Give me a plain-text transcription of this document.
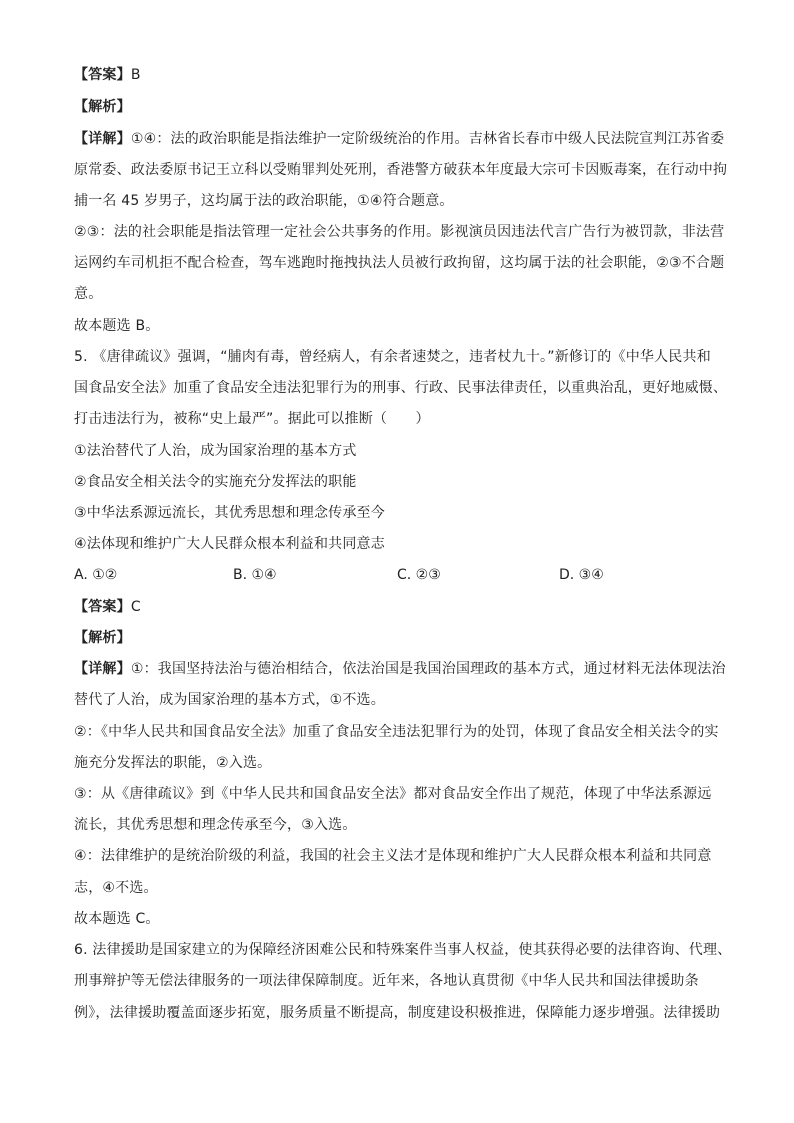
【答案】B
【解析】
【详解】①④：法的政治职能是指法维护一定阶级统治的作用。吉林省长春市中级人民法院宣判江苏省委
原常委、政法委原书记王立科以受贿罪判处死刑，香港警方破获本年度最大宗可卡因贩毒案，在行动中拘
捕一名 45 岁男子，这均属于法的政治职能，①④符合题意。
②③：法的社会职能是指法管理一定社会公共事务的作用。影视演员因违法代言广告行为被罚款，非法营
运网约车司机拒不配合检查，驾车逃跑时拖拽执法人员被行政拘留，这均属于法的社会职能，②③不合题
意。
故本题选 B。
5. 《唐律疏议》强调，“脯肉有毒，曾经病人，有余者速焚之，违者杖九十。”新修订的《中华人民共和
国食品安全法》加重了食品安全违法犯罪行为的刑事、行政、民事法律责任，以重典治乱，更好地威慑、
打击违法行为，被称“史上最严”。据此可以推断（　　）
①法治替代了人治，成为国家治理的基本方式
②食品安全相关法令的实施充分发挥法的职能
③中华法系源远流长，其优秀思想和理念传承至今
④法体现和维护广大人民群众根本利益和共同意志
A. ①②	B. ①④	C. ②③	D. ③④
【答案】C
【解析】
【详解】①：我国坚持法治与德治相结合，依法治国是我国治国理政的基本方式，通过材料无法体现法治
替代了人治，成为国家治理的基本方式，①不选。
②：《中华人民共和国食品安全法》加重了食品安全违法犯罪行为的处罚，体现了食品安全相关法令的实
施充分发挥法的职能，②入选。
③：从《唐律疏议》到《中华人民共和国食品安全法》都对食品安全作出了规范，体现了中华法系源远
流长，其优秀思想和理念传承至今，③入选。
④：法律维护的是统治阶级的利益，我国的社会主义法才是体现和维护广大人民群众根本利益和共同意
志，④不选。
故本题选 C。
6. 法律援助是国家建立的为保障经济困难公民和特殊案件当事人权益，使其获得必要的法律咨询、代理、
刑事辩护等无偿法律服务的一项法律保障制度。近年来，各地认真贯彻《中华人民共和国法律援助条
例》，法律援助覆盖面逐步拓宽，服务质量不断提高，制度建设积极推进，保障能力逐步增强。法律援助
